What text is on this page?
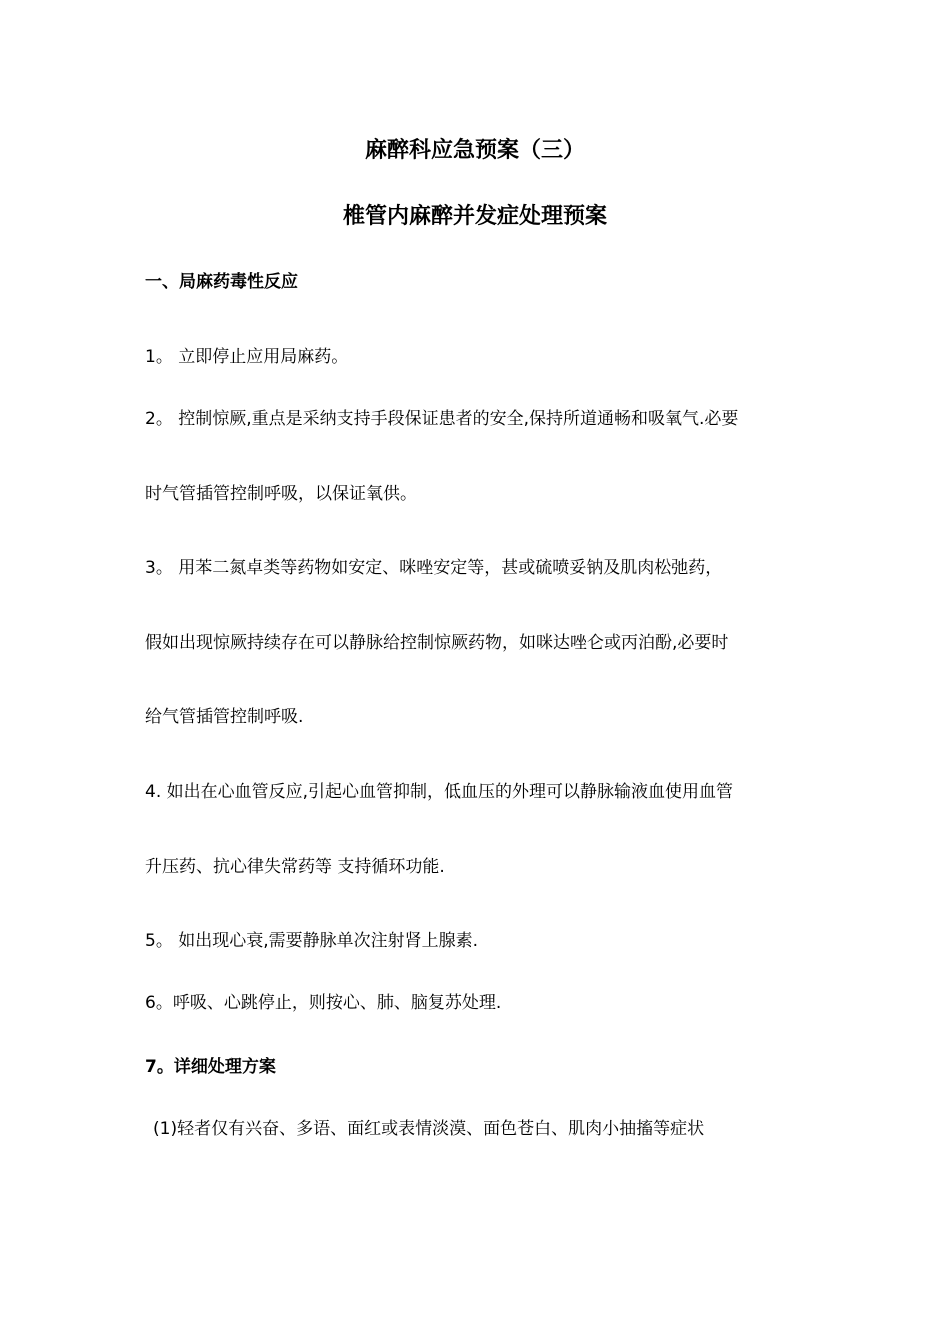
麻醉科应急预案（三）
椎管内麻醉并发症处理预案
一、局麻药毒性反应
1。 立即停止应用局麻药。
2。 控制惊厥,重点是采纳支持手段保证患者的安全,保持所道通畅和吸氧气.必要
时气管插管控制呼吸，以保证氧供。
3。 用苯二氮卓类等药物如安定、咪唑安定等，甚或硫喷妥钠及肌肉松弛药，
假如出现惊厥持续存在可以静脉给控制惊厥药物，如咪达唑仑或丙泊酚,必要时
给气管插管控制呼吸.
4. 如出在心血管反应,引起心血管抑制，低血压的外理可以静脉输液血使用血管
升压药、抗心律失常药等 支持循环功能.
5。 如出现心衰,需要静脉单次注射肾上腺素.
6。呼吸、心跳停止，则按心、肺、脑复苏处理.
7。详细处理方案
(1)轻者仅有兴奋、多语、面红或表情淡漠、面色苍白、肌肉小抽搐等症状
